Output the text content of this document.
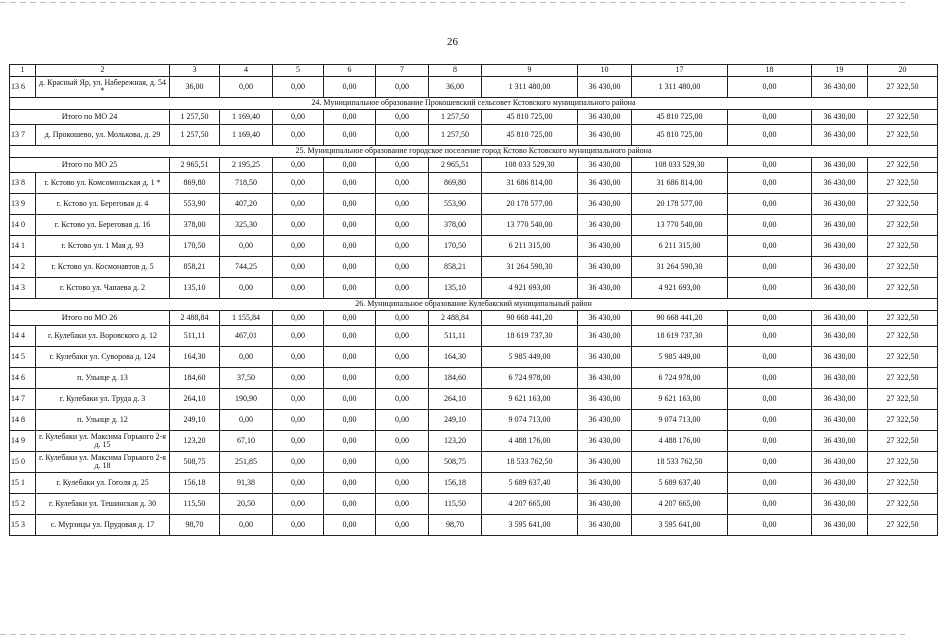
26
1	2	3	4	5	6	7	8	9	10	17	18	19	20
13 6	д. Красный Яр, ул. Набережная, д. 54 *	36,00	0,00	0,00	0,00	0,00	36,00	1 311 480,00	36 430,00	1 311 480,00	0,00	36 430,00	27 322,50
24. Муниципальное образование Прокошевский сельсовет Кстовского муниципального района													
Итого по МО 24		1 257,50	1 169,40	0,00	0,00	0,00	1 257,50	45 810 725,00	36 430,00	45 810 725,00	0,00	36 430,00	27 322,50
13 7	д. Прокошево, ул. Молькова, д. 29	1 257,50	1 169,40	0,00	0,00	0,00	1 257,50	45 810 725,00	36 430,00	45 810 725,00	0,00	36 430,00	27 322,50
25. Муниципальное образование городское поселение город Кстово Кстовского муниципального района													
Итого по МО 25		2 965,51	2 195,25	0,00	0,00	0,00	2 965,51	108 033 529,30	36 430,00	108 033 529,30	0,00	36 430,00	27 322,50
13 8	г. Кстово ул. Комсомольская д. 1 *	869,80	718,50	0,00	0,00	0,00	869,80	31 686 814,00	36 430,00	31 686 814,00	0,00	36 430,00	27 322,50
13 9	г. Кстово ул. Береговая д. 4	553,90	407,20	0,00	0,00	0,00	553,90	20 178 577,00	36 430,00	20 178 577,00	0,00	36 430,00	27 322,50
14 0	г. Кстово ул. Береговая д. 16	378,00	325,30	0,00	0,00	0,00	378,00	13 770 540,00	36 430,00	13 770 540,00	0,00	36 430,00	27 322,50
14 1	г. Кстово ул. 1 Мая д. 93	170,50	0,00	0,00	0,00	0,00	170,50	6 211 315,00	36 430,00	6 211 315,00	0,00	36 430,00	27 322,50
14 2	г. Кстово ул. Космонавтов д. 5	858,21	744,25	0,00	0,00	0,00	858,21	31 264 590,30	36 430,00	31 264 590,30	0,00	36 430,00	27 322,50
14 3	г. Кстово ул. Чапаева д. 2	135,10	0,00	0,00	0,00	0,00	135,10	4 921 693,00	36 430,00	4 921 693,00	0,00	36 430,00	27 322,50
26. Муниципальное образование Кулебакский муниципальный район													
Итого по МО 26		2 488,84	1 155,84	0,00	0,00	0,00	2 488,84	90 668 441,20	36 430,00	90 668 441,20	0,00	36 430,00	27 322,50
14 4	г. Кулебаки ул. Воровского д. 12	511,11	467,01	0,00	0,00	0,00	511,11	18 619 737,30	36 430,00	18 619 737,30	0,00	36 430,00	27 322,50
14 5	г. Кулебаки ул. Суворова д. 124	164,30	0,00	0,00	0,00	0,00	164,30	5 985 449,00	36 430,00	5 985 449,00	0,00	36 430,00	27 322,50
14 6	п. Ульнце д. 13	184,60	37,50	0,00	0,00	0,00	184,60	6 724 978,00	36 430,00	6 724 978,00	0,00	36 430,00	27 322,50
14 7	г. Кулебаки ул. Труда д. 3	264,10	190,90	0,00	0,00	0,00	264,10	9 621 163,00	36 430,00	9 621 163,00	0,00	36 430,00	27 322,50
14 8	п. Ульнце д. 12	249,10	0,00	0,00	0,00	0,00	249,10	9 074 713,00	36 430,00	9 074 713,00	0,00	36 430,00	27 322,50
14 9	г. Кулебаки ул. Максима Горького 2-я д. 15	123,20	67,10	0,00	0,00	0,00	123,20	4 488 176,00	36 430,00	4 488 176,00	0,00	36 430,00	27 322,50
15 0	г. Кулебаки ул. Максима Горького 2-я д. 18	508,75	251,85	0,00	0,00	0,00	508,75	18 533 762,50	36 430,00	18 533 762,50	0,00	36 430,00	27 322,50
15 1	г. Кулебаки ул. Гоголя д. 25	156,18	91,38	0,00	0,00	0,00	156,18	5 689 637,40	36 430,00	5 689 637,40	0,00	36 430,00	27 322,50
15 2	г. Кулебаки ул. Тешинская д. 30	115,50	20,50	0,00	0,00	0,00	115,50	4 207 665,00	36 430,00	4 207 665,00	0,00	36 430,00	27 322,50
15 3	с. Мурзицы ул. Прудовая д. 17	98,70	0,00	0,00	0,00	0,00	98,70	3 595 641,00	36 430,00	3 595 641,00	0,00	36 430,00	27 322,50
